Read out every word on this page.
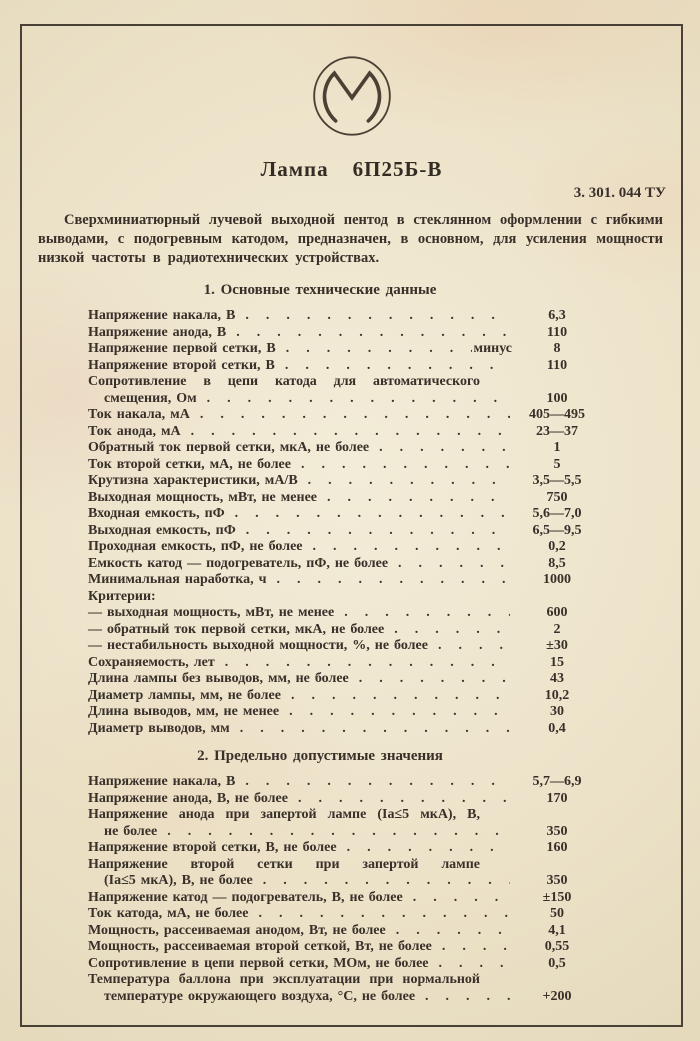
Лампа 6П25Б-В
3. 301. 044 ТУ

Сверхминиатюрный лучевой выходной пентод в стеклянном оформлении с гибкими выводами, с подогревным катодом, предназначен, в основном, для усиления мощности низкой частоты в радиотехнических устройствах.

1. Основные технические данные
Напряжение накала, В .....	6,3
Напряжение анода, В .....	110
Напряжение первой сетки, В .....	минус	8
Напряжение второй сетки, В .....	110
Сопротивление в цепи катода для автоматического
смещения, Ом .....	100
Ток накала, мА .....	405—495
Ток анода, мА .....	23—37
Обратный ток первой сетки, мкА, не более .....	1
Ток второй сетки, мА, не более .....	5
Крутизна характеристики, мА/В .....	3,5—5,5
Выходная мощность, мВт, не менее .....	750
Входная емкость, пФ .....	5,6—7,0
Выходная емкость, пФ .....	6,5—9,5
Проходная емкость, пФ, не более .....	0,2
Емкость катод — подогреватель, пФ, не более .....	8,5
Минимальная наработка, ч .....	1000
Критерии:
— выходная мощность, мВт, не менее .....	600
— обратный ток первой сетки, мкА, не более .....	2
— нестабильность выходной мощности, %, не более .....	±30
Сохраняемость, лет .....	15
Длина лампы без выводов, мм, не более .....	43
Диаметр лампы, мм, не более .....	10,2
Длина выводов, мм, не менее .....	30
Диаметр выводов, мм .....	0,4
2. Предельно допустимые значения
Напряжение накала, В .....	5,7—6,9
Напряжение анода, В, не более .....	170
Напряжение анода при запертой лампе (Iа≤5 мкА), В,
не более .....	350
Напряжение второй сетки, В, не более .....	160
Напряжение второй сетки при запертой лампе
(Iа≤5 мкА), В, не более .....	350
Напряжение катод — подогреватель, В, не более .....	±150
Ток катода, мА, не более .....	50
Мощность, рассеиваемая анодом, Вт, не более .....	4,1
Мощность, рассеиваемая второй сеткой, Вт, не более .....	0,55
Сопротивление в цепи первой сетки, МОм, не более .....	0,5
Температура баллона при эксплуатации при нормальной
температуре окружающего воздуха, °С, не более .....	+200
